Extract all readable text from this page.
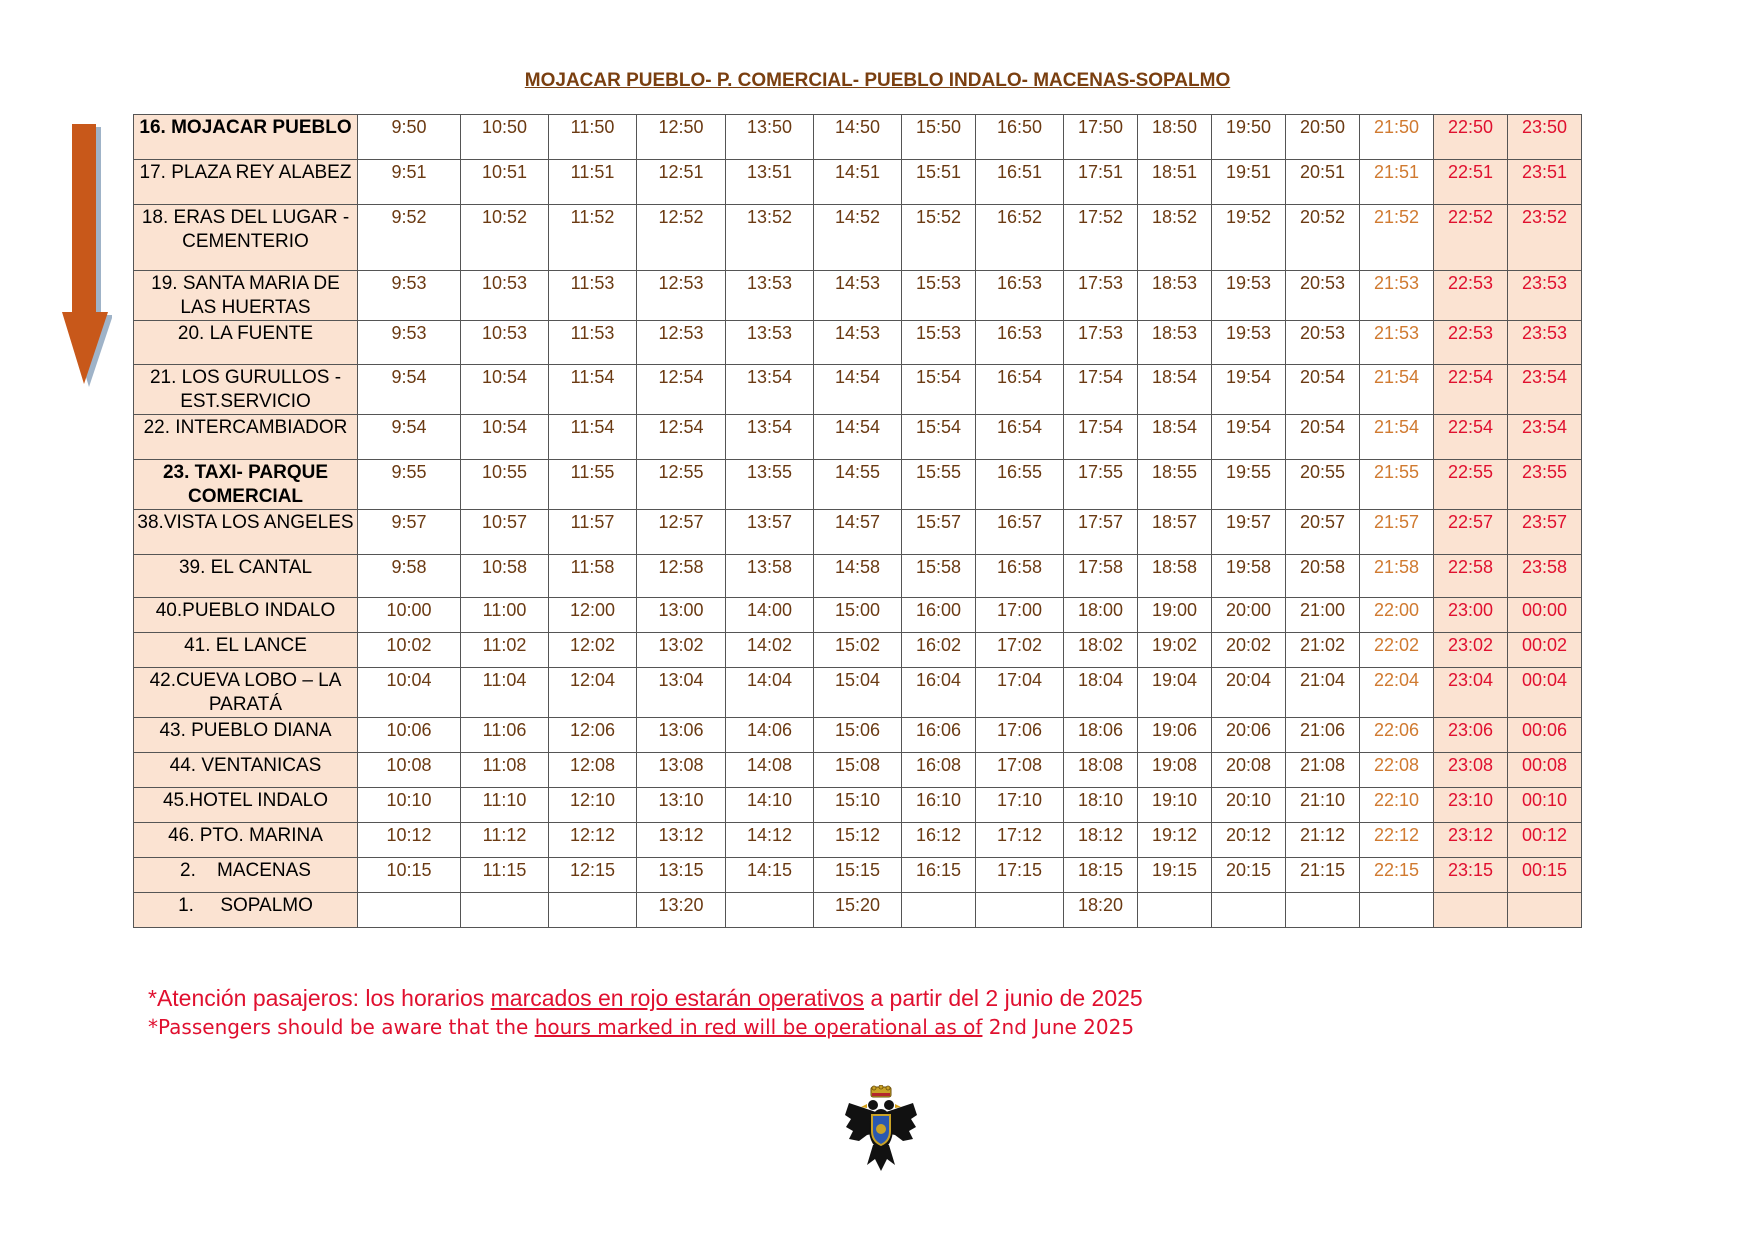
MOJACAR PUEBLO- P. COMERCIAL- PUEBLO INDALO- MACENAS-SOPALMO
16. MOJACAR PUEBLO	9:50	10:50	11:50	12:50	13:50	14:50	15:50	16:50	17:50	18:50	19:50	20:50	21:50	22:50	23:50
17. PLAZA REY ALABEZ	9:51	10:51	11:51	12:51	13:51	14:51	15:51	16:51	17:51	18:51	19:51	20:51	21:51	22:51	23:51
18. ERAS DEL LUGAR - CEMENTERIO	9:52	10:52	11:52	12:52	13:52	14:52	15:52	16:52	17:52	18:52	19:52	20:52	21:52	22:52	23:52
19. SANTA MARIA DE LAS HUERTAS	9:53	10:53	11:53	12:53	13:53	14:53	15:53	16:53	17:53	18:53	19:53	20:53	21:53	22:53	23:53
20. LA FUENTE	9:53	10:53	11:53	12:53	13:53	14:53	15:53	16:53	17:53	18:53	19:53	20:53	21:53	22:53	23:53
21. LOS GURULLOS - EST.SERVICIO	9:54	10:54	11:54	12:54	13:54	14:54	15:54	16:54	17:54	18:54	19:54	20:54	21:54	22:54	23:54
22. INTERCAMBIADOR	9:54	10:54	11:54	12:54	13:54	14:54	15:54	16:54	17:54	18:54	19:54	20:54	21:54	22:54	23:54
23. TAXI- PARQUE COMERCIAL	9:55	10:55	11:55	12:55	13:55	14:55	15:55	16:55	17:55	18:55	19:55	20:55	21:55	22:55	23:55
38.VISTA LOS ANGELES	9:57	10:57	11:57	12:57	13:57	14:57	15:57	16:57	17:57	18:57	19:57	20:57	21:57	22:57	23:57
39. EL CANTAL	9:58	10:58	11:58	12:58	13:58	14:58	15:58	16:58	17:58	18:58	19:58	20:58	21:58	22:58	23:58
40.PUEBLO INDALO	10:00	11:00	12:00	13:00	14:00	15:00	16:00	17:00	18:00	19:00	20:00	21:00	22:00	23:00	00:00
41. EL LANCE	10:02	11:02	12:02	13:02	14:02	15:02	16:02	17:02	18:02	19:02	20:02	21:02	22:02	23:02	00:02
42.CUEVA LOBO – LA PARATÁ	10:04	11:04	12:04	13:04	14:04	15:04	16:04	17:04	18:04	19:04	20:04	21:04	22:04	23:04	00:04
43. PUEBLO DIANA	10:06	11:06	12:06	13:06	14:06	15:06	16:06	17:06	18:06	19:06	20:06	21:06	22:06	23:06	00:06
44. VENTANICAS	10:08	11:08	12:08	13:08	14:08	15:08	16:08	17:08	18:08	19:08	20:08	21:08	22:08	23:08	00:08
45.HOTEL INDALO	10:10	11:10	12:10	13:10	14:10	15:10	16:10	17:10	18:10	19:10	20:10	21:10	22:10	23:10	00:10
46. PTO. MARINA	10:12	11:12	12:12	13:12	14:12	15:12	16:12	17:12	18:12	19:12	20:12	21:12	22:12	23:12	00:12
2.    MACENAS	10:15	11:15	12:15	13:15	14:15	15:15	16:15	17:15	18:15	19:15	20:15	21:15	22:15	23:15	00:15
1.     SOPALMO				13:20		15:20			18:20						
*Atención pasajeros: los horarios marcados en rojo estarán operativos a partir del 2 junio de 2025
*Passengers should be aware that the hours marked in red will be operational as of 2nd June 2025
